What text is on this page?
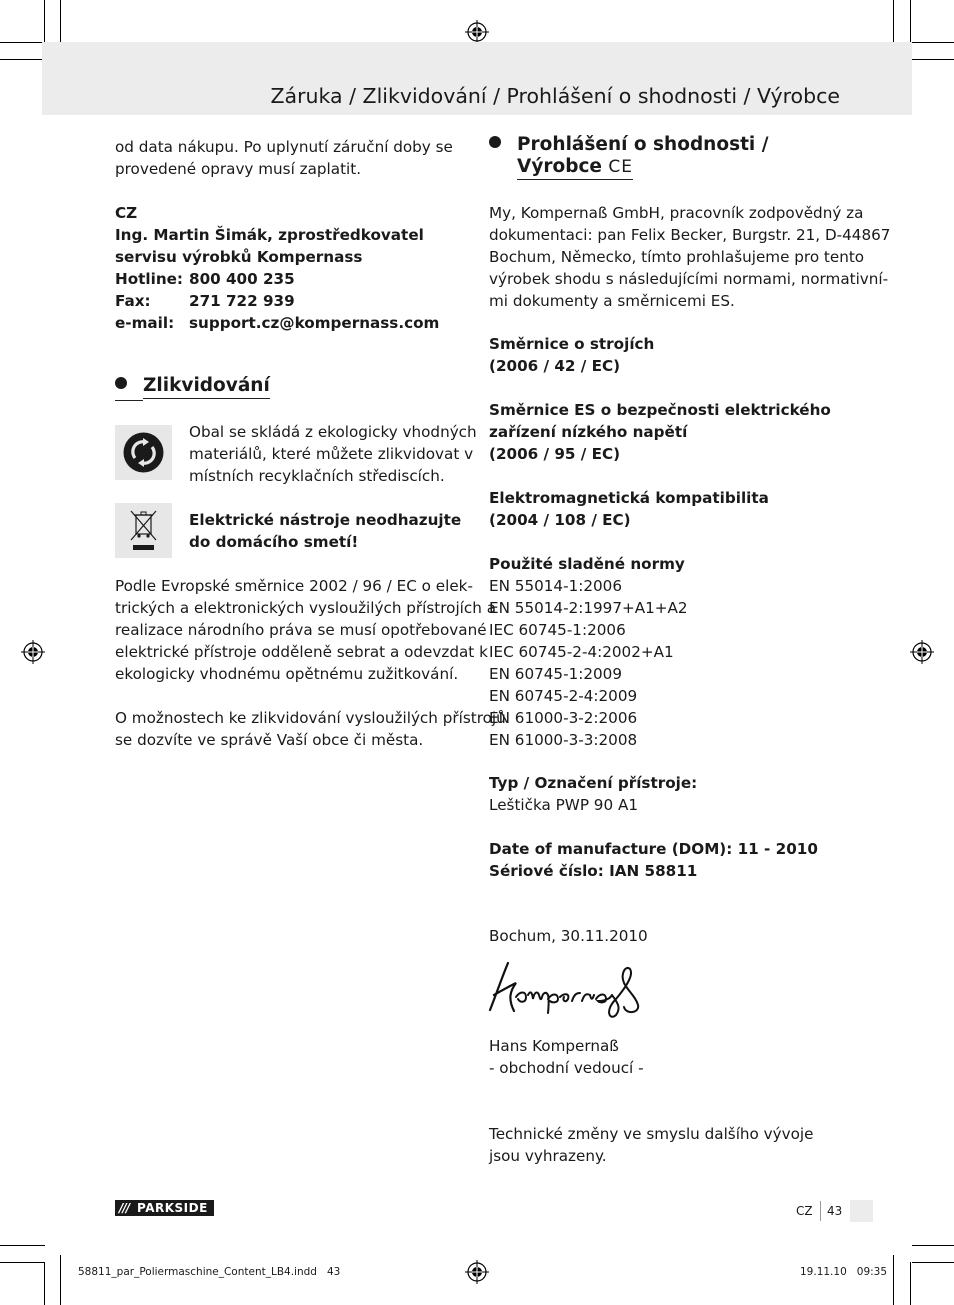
Záruka / Zlikvidování / Prohlášení o shodnosti / Výrobce
od data nákupu. Po uplynutí záruční doby se
provedené opravy musí zaplatit.
CZ
Ing. Martin Šimák, zprostředkovatel
servisu výrobků Kompernass
Hotline: 800 400 235
Fax:	271 722 939
e-mail: support.cz@kompernass.com
Zlikvidování
Obal se skládá z ekologicky vhodných
materiálů, které můžete zlikvidovat v
místních recyklačních střediscích.
Elektrické nástroje neodhazujte
do domácího smetí!
Podle Evropské směrnice 2002 / 96 / EC o elek-
trických a elektronických vysloužilých přístrojích a
realizace národního práva se musí opotřebované
elektrické přístroje odděleně sebrat a odevzdat k
ekologicky vhodnému opětnému zužitkování.
O možnostech ke zlikvidování vysloužilých přístrojů
se dozvíte ve správě Vaší obce či města.
Prohlášení o shodnosti /
Výrobce CE
My, Kompernaß GmbH, pracovník zodpovědný za
dokumentaci: pan Felix Becker, Burgstr. 21, D-44867
Bochum, Německo, tímto prohlašujeme pro tento
výrobek shodu s následujícími normami, normativní-
mi dokumenty a směrnicemi ES.
Směrnice o strojích
(2006 / 42 / EC)
Směrnice ES o bezpečnosti elektrického
zařízení nízkého napětí
(2006 / 95 / EC)
Elektromagnetická kompatibilita
(2004 / 108 / EC)
Použité sladěné normy
EN 55014-1:2006
EN 55014-2:1997+A1+A2
IEC 60745-1:2006
IEC 60745-2-4:2002+A1
EN 60745-1:2009
EN 60745-2-4:2009
EN 61000-3-2:2006
EN 61000-3-3:2008
Typ / Označení přístroje:
Leštička PWP 90 A1
Date of manufacture (DOM): 11 - 2010
Sériové číslo: IAN 58811
Bochum, 30.11.2010
Hans Kompernaß
- obchodní vedoucí -
Technické změny ve smyslu dalšího vývoje
jsou vyhrazeny.
/// PARKSIDE	CZ 43
58811_par_Poliermaschine_Content_LB4.indd   43	19.11.10   09:35
